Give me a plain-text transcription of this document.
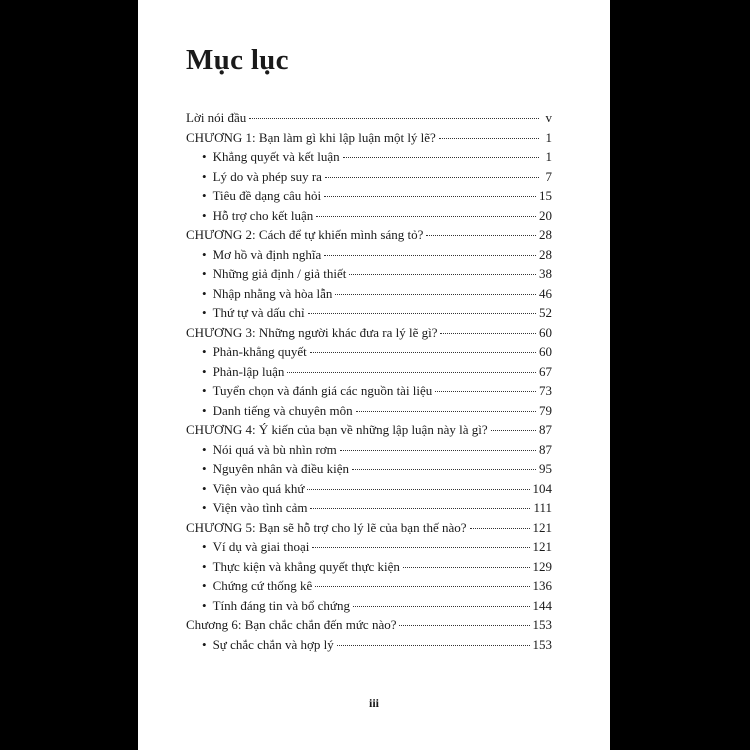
Mục lục
Lời nói đầu	v
CHƯƠNG 1: Bạn làm gì khi lập luận một lý lẽ?	1
• Khẳng quyết và kết luận	1
• Lý do và phép suy ra	7
• Tiêu đề dạng câu hỏi	15
• Hỗ trợ cho kết luận	20
CHƯƠNG 2: Cách để tự khiến mình sáng tỏ?	28
• Mơ hồ và định nghĩa	28
• Những giả định / giả thiết	38
• Nhập nhằng và hòa lẫn	46
• Thứ tự và dấu chỉ	52
CHƯƠNG 3: Những người khác đưa ra lý lẽ gì?	60
• Phản-khẳng quyết	60
• Phản-lập luận	67
• Tuyển chọn và đánh giá các nguồn tài liệu	73
• Danh tiếng và chuyên môn	79
CHƯƠNG 4: Ý kiến của bạn về những lập luận này là gì?	87
• Nói quá và bù nhìn rơm	87
• Nguyên nhân và điều kiện	95
• Viện vào quá khứ	104
• Viện vào tình cảm	111
CHƯƠNG 5: Bạn sẽ hỗ trợ cho lý lẽ của bạn thế nào?	121
• Ví dụ và giai thoại	121
• Thực kiện và khẳng quyết thực kiện	129
• Chứng cứ thống kê	136
• Tính đáng tin và bổ chứng	144
Chương 6: Bạn chắc chắn đến mức nào?	153
• Sự chắc chắn và hợp lý	153
iii
